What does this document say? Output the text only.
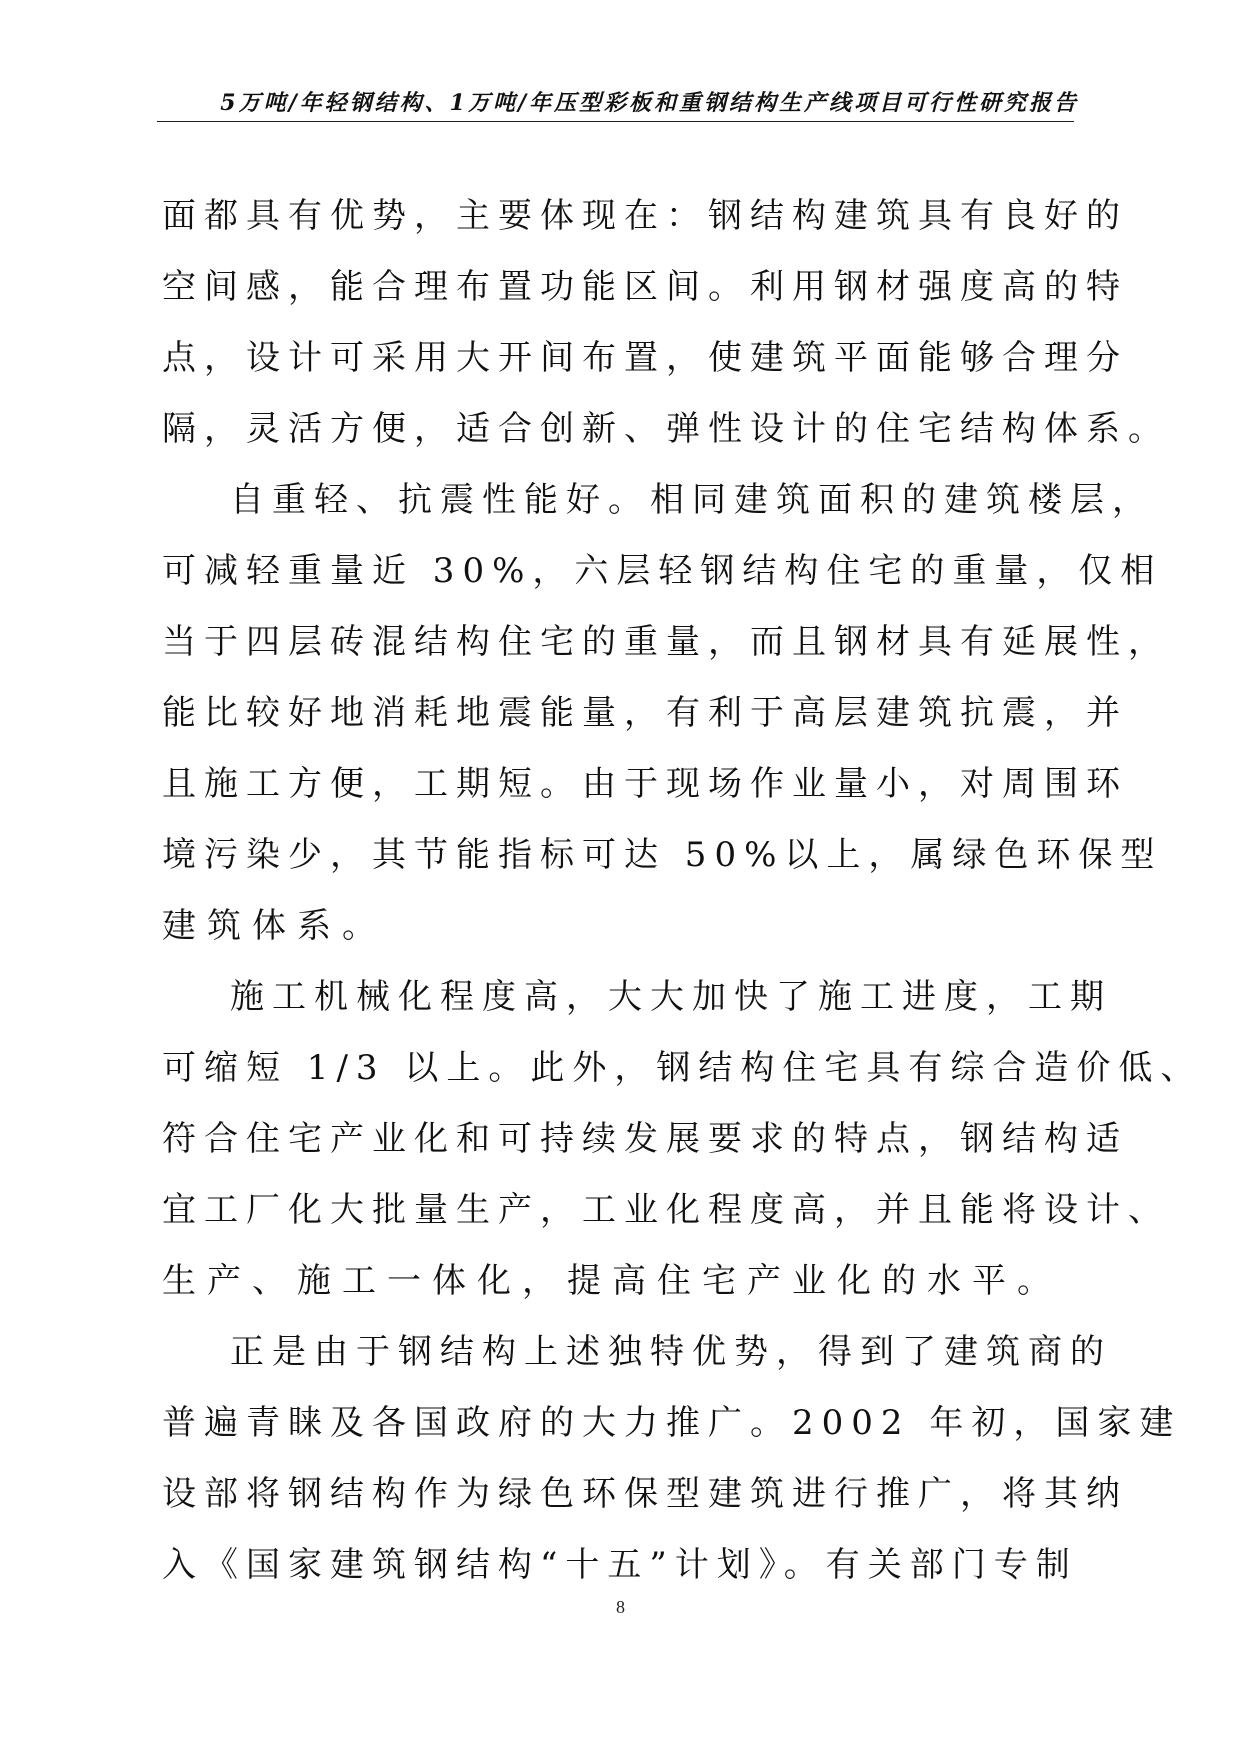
5万吨/年轻钢结构、1万吨/年压型彩板和重钢结构生产线项目可行性研究报告
面都具有优势，主要体现在：钢结构建筑具有良好的
空间感，能合理布置功能区间。利用钢材强度高的特
点，设计可采用大开间布置，使建筑平面能够合理分
隔，灵活方便，适合创新、弹性设计的住宅结构体系。
自重轻、抗震性能好。相同建筑面积的建筑楼层，
可减轻重量近 30%，六层轻钢结构住宅的重量，仅相
当于四层砖混结构住宅的重量，而且钢材具有延展性，
能比较好地消耗地震能量，有利于高层建筑抗震，并
且施工方便，工期短。由于现场作业量小，对周围环
境污染少，其节能指标可达 50%以上，属绿色环保型
建筑体系。
施工机械化程度高，大大加快了施工进度，工期
可缩短 1/3 以上。此外，钢结构住宅具有综合造价低、
符合住宅产业化和可持续发展要求的特点，钢结构适
宜工厂化大批量生产，工业化程度高，并且能将设计、
生产、施工一体化，提高住宅产业化的水平。
正是由于钢结构上述独特优势，得到了建筑商的
普遍青睐及各国政府的大力推广。2002 年初，国家建
设部将钢结构作为绿色环保型建筑进行推广，将其纳
入《国家建筑钢结构“十五”计划》。有关部门专制
8
